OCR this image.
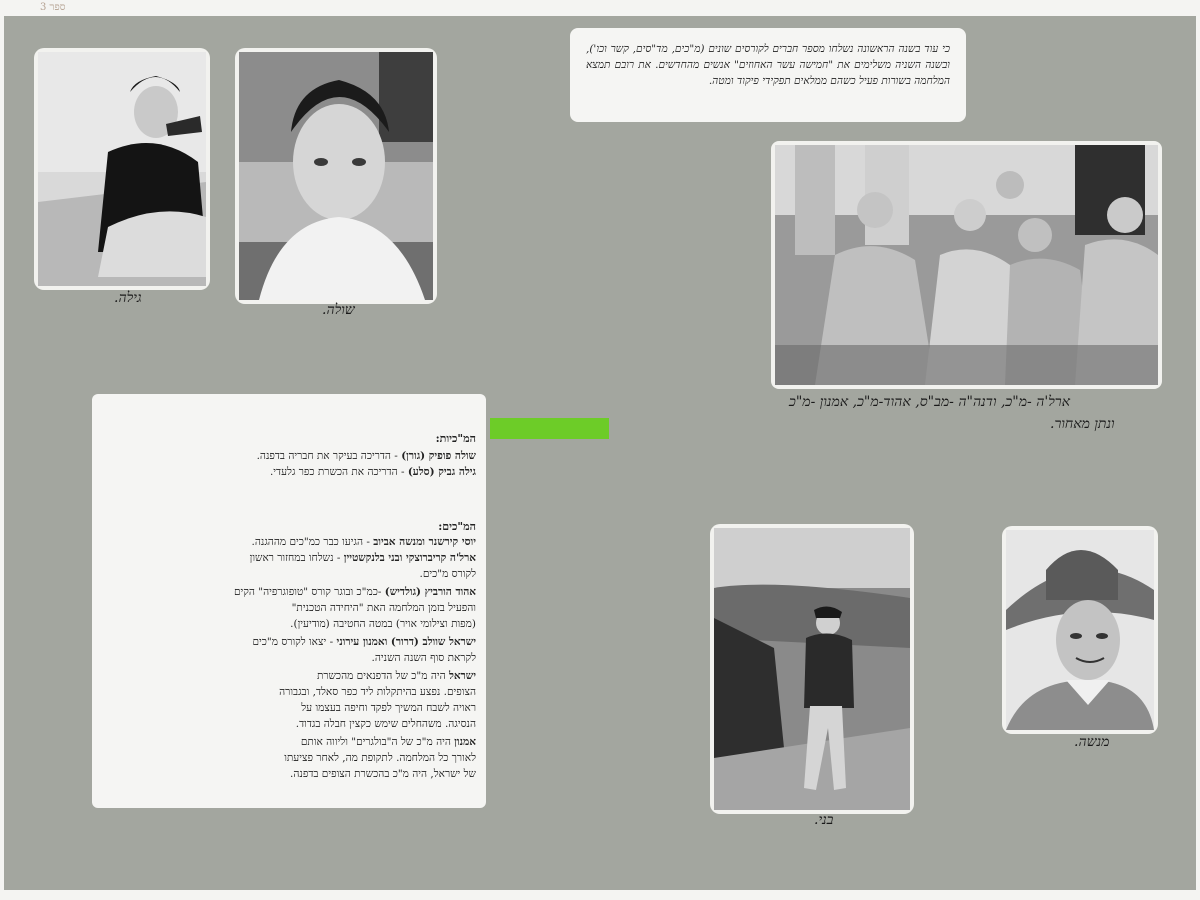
ספר 3
גילה.
שולה.

כי עוד בשנה הראשונה נשלחו מספר חברים לקורסים שונים (מ"כים, מד"סים, קשר וכו'), ובשנה השניה משלימים את "חמישה עשר האחוזים" אנשים מהחדשים. את רובם תמצא המלחמה בשורות פעיל כשהם ממלאים תפקידי פיקוד ומטה.

ארל'ה -מ"כ, ודנה"ה -מב"ס, אהוד-מ"כ, אמנון -מ"כ
ונתן מאחור.
המ"כיות:
שולה פופיק (גורן) - הדריכה בעיקר את חבריה בדפנה.
גילה גביק (סלע) - הדריכה את הכשרת כפר גלעדי.
המ"כים:
יוסי קירשנר ומנשה אביוב - הגיעו כבר כמ"כים מההגנה.
ארל'ה קריברוצקי ובני בלנקשטיין - נשלחו במחזור ראשון
לקורס מ"כים.
אהוד הורביץ (גולדיש) -כמ"כ ובוגר קורס "טופוגרפיה" הקים
והפעיל בזמן המלחמה האת "היחידה הטכנית"
(מפות וצילומי אויר) במטה החטיבה (מודיעין).
ישראל שוולב (דרור) ואמנון עירוני - יצאו לקורס מ"כים
לקראת סוף השנה השניה.
ישראל היה מ"כ של הדפנאים מהכשרת
הצופים. נפצע בהיתקלות ליד כפר סאלד, ובגבורה
ראויה לשבח המשיך לפקד וחיפה בעצמו על
הנסיגה. משהחלים שימש כקצין חבלה בגדוד.
אמנון היה מ"כ של ה"בולגרים" וליווה אותם
לאורך כל המלחמה. לתקופת מה, לאחר פציעתו
של ישראל, היה מ"כ בהכשרת הצופים בדפנה.
בני.
מנשה.
